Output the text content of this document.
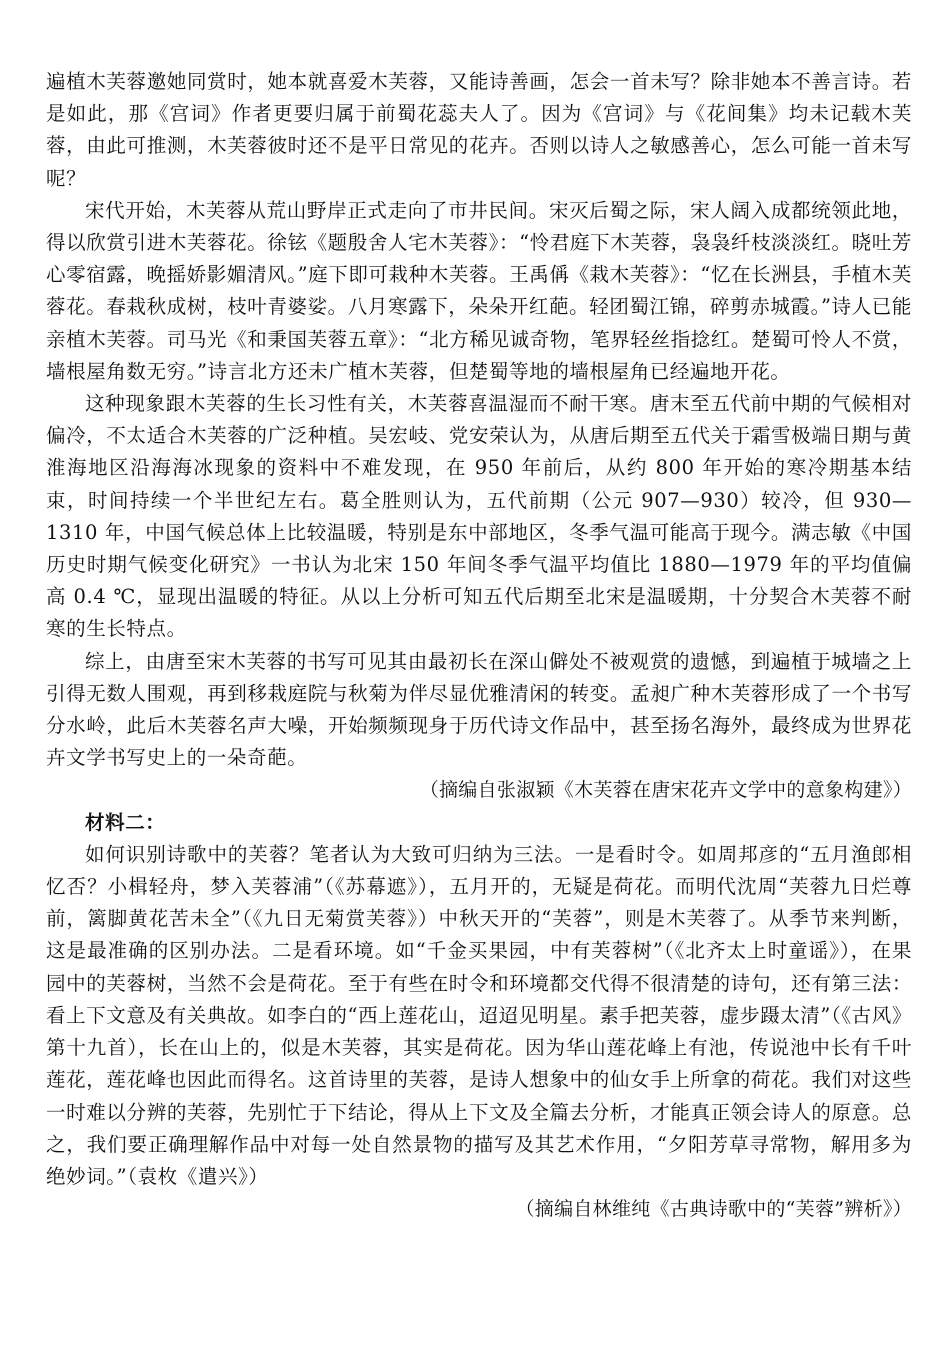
遍植木芙蓉邀她同赏时，她本就喜爱木芙蓉，又能诗善画，怎会一首未写？除非她本不善言诗。若是如此，那《宫词》作者更要归属于前蜀花蕊夫人了。因为《宫词》与《花间集》均未记载木芙蓉，由此可推测，木芙蓉彼时还不是平日常见的花卉。否则以诗人之敏感善心，怎么可能一首未写呢？

宋代开始，木芙蓉从荒山野岸正式走向了市井民间。宋灭后蜀之际，宋人阔入成都统领此地，得以欣赏引进木芙蓉花。徐铉《题殷舍人宅木芙蓉》：“怜君庭下木芙蓉，袅袅纤枝淡淡红。晓吐芳心零宿露，晚摇娇影媚清风。”庭下即可栽种木芙蓉。王禹偁《栽木芙蓉》：“忆在长洲县，手植木芙蓉花。春栽秋成树，枝叶青婆娑。八月寒露下，朵朵开红葩。轻团蜀江锦，碎剪赤城霞。”诗人已能亲植木芙蓉。司马光《和秉国芙蓉五章》：“北方稀见诚奇物，笔界轻丝指捻红。楚蜀可怜人不赏，墙根屋角数无穷。”诗言北方还未广植木芙蓉，但楚蜀等地的墙根屋角已经遍地开花。

这种现象跟木芙蓉的生长习性有关，木芙蓉喜温湿而不耐干寒。唐末至五代前中期的气候相对偏冷，不太适合木芙蓉的广泛种植。吴宏岐、党安荣认为，从唐后期至五代关于霜雪极端日期与黄淮海地区沿海海冰现象的资料中不难发现，在 950 年前后，从约 800 年开始的寒冷期基本结束，时间持续一个半世纪左右。葛全胜则认为，五代前期（公元 907—930）较冷，但 930—1310 年，中国气候总体上比较温暖，特别是东中部地区，冬季气温可能高于现今。满志敏《中国历史时期气候变化研究》一书认为北宋 150 年间冬季气温平均值比 1880—1979 年的平均值偏高 0.4 ℃，显现出温暖的特征。从以上分析可知五代后期至北宋是温暖期，十分契合木芙蓉不耐寒的生长特点。

综上，由唐至宋木芙蓉的书写可见其由最初长在深山僻处不被观赏的遗憾，到遍植于城墙之上引得无数人围观，再到移栽庭院与秋菊为伴尽显优雅清闲的转变。孟昶广种木芙蓉形成了一个书写分水岭，此后木芙蓉名声大噪，开始频频现身于历代诗文作品中，甚至扬名海外，最终成为世界花卉文学书写史上的一朵奇葩。

（摘编自张淑颖《木芙蓉在唐宋花卉文学中的意象构建》）

材料二：

如何识别诗歌中的芙蓉？笔者认为大致可归纳为三法。一是看时令。如周邦彦的“五月渔郎相忆否？小楫轻舟，梦入芙蓉浦”（《苏幕遮》），五月开的，无疑是荷花。而明代沈周“芙蓉九日烂尊前，篱脚黄花苦未全”（《九日无菊赏芙蓉》）中秋天开的“芙蓉”，则是木芙蓉了。从季节来判断，这是最准确的区别办法。二是看环境。如“千金买果园，中有芙蓉树”（《北齐太上时童谣》），在果园中的芙蓉树，当然不会是荷花。至于有些在时令和环境都交代得不很清楚的诗句，还有第三法：看上下文意及有关典故。如李白的“西上莲花山，迢迢见明星。素手把芙蓉，虚步蹑太清”（《古风》第十九首），长在山上的，似是木芙蓉，其实是荷花。因为华山莲花峰上有池，传说池中长有千叶莲花，莲花峰也因此而得名。这首诗里的芙蓉，是诗人想象中的仙女手上所拿的荷花。我们对这些一时难以分辨的芙蓉，先别忙于下结论，得从上下文及全篇去分析，才能真正领会诗人的原意。总之，我们要正确理解作品中对每一处自然景物的描写及其艺术作用，“夕阳芳草寻常物，解用多为绝妙词。”（袁枚《遣兴》）

（摘编自林维纯《古典诗歌中的“芙蓉”辨析》）
